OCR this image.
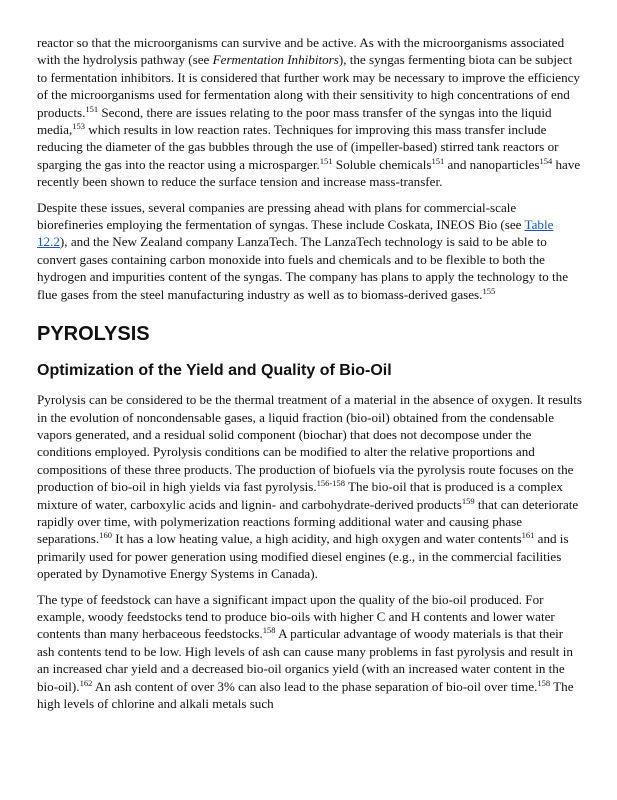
reactor so that the microorganisms can survive and be active. As with the microorganisms associated with the hydrolysis pathway (see Fermentation Inhibitors), the syngas fermenting biota can be subject to fermentation inhibitors. It is considered that further work may be necessary to improve the efficiency of the microorganisms used for fermentation along with their sensitivity to high concentrations of end products.$^{151}$ Second, there are issues relating to the poor mass transfer of the syngas into the liquid media,$^{153}$ which results in low reaction rates. Techniques for improving this mass transfer include reducing the diameter of the gas bubbles through the use of (impeller-based) stirred tank reactors or sparging the gas into the reactor using a microsparger.$^{151}$ Soluble chemicals$^{151}$ and nanoparticles$^{154}$ have recently been shown to reduce the surface tension and increase mass-transfer.

Despite these issues, several companies are pressing ahead with plans for commercial-scale biorefineries employing the fermentation of syngas. These include Coskata, INEOS Bio (see Table 12.2), and the New Zealand company LanzaTech. The LanzaTech technology is said to be able to convert gases containing carbon monoxide into fuels and chemicals and to be flexible to both the hydrogen and impurities content of the syngas. The company has plans to apply the technology to the flue gases from the steel manufacturing industry as well as to biomass-derived gases.$^{155}$

PYROLYSIS
Optimization of the Yield and Quality of Bio-Oil

Pyrolysis can be considered to be the thermal treatment of a material in the absence of oxygen. It results in the evolution of noncondensable gases, a liquid fraction (bio-oil) obtained from the condensable vapors generated, and a residual solid component (biochar) that does not decompose under the conditions employed. Pyrolysis conditions can be modified to alter the relative proportions and compositions of these three products. The production of biofuels via the pyrolysis route focuses on the production of bio-oil in high yields via fast pyrolysis.$^{156-158}$ The bio-oil that is produced is a complex mixture of water, carboxylic acids and lignin- and carbohydrate-derived products$^{159}$ that can deteriorate rapidly over time, with polymerization reactions forming additional water and causing phase separations.$^{160}$ It has a low heating value, a high acidity, and high oxygen and water contents$^{161}$ and is primarily used for power generation using modified diesel engines (e.g., in the commercial facilities operated by Dynamotive Energy Systems in Canada).

The type of feedstock can have a significant impact upon the quality of the bio-oil produced. For example, woody feedstocks tend to produce bio-oils with higher C and H contents and lower water contents than many herbaceous feedstocks.$^{158}$ A particular advantage of woody materials is that their ash contents tend to be low. High levels of ash can cause many problems in fast pyrolysis and result in an increased char yield and a decreased bio-oil organics yield (with an increased water content in the bio-oil).$^{162}$ An ash content of over 3% can also lead to the phase separation of bio-oil over time.$^{158}$ The high levels of chlorine and alkali metals such
